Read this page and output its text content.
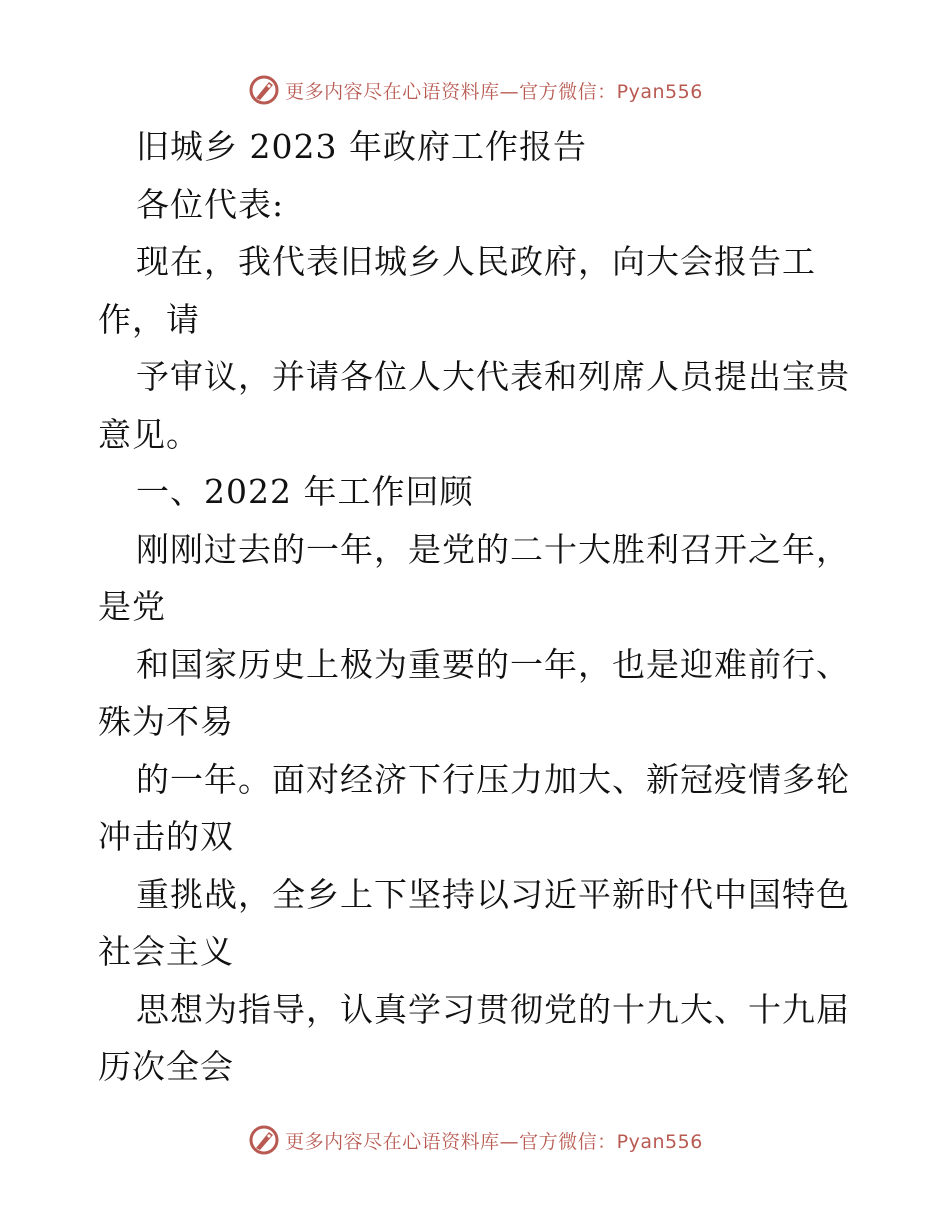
更多内容尽在心语资料库—官方微信：Pyan556
旧城乡 2023 年政府工作报告
各位代表:
现在，我代表旧城乡人民政府，向大会报告工
作，请
予审议，并请各位人大代表和列席人员提出宝贵
意见。
一、2022 年工作回顾
刚刚过去的一年，是党的二十大胜利召开之年，
是党
和国家历史上极为重要的一年，也是迎难前行、
殊为不易
的一年。面对经济下行压力加大、新冠疫情多轮
冲击的双
重挑战，全乡上下坚持以习近平新时代中国特色
社会主义
思想为指导，认真学习贯彻党的十九大、十九届
历次全会
更多内容尽在心语资料库—官方微信：Pyan556
